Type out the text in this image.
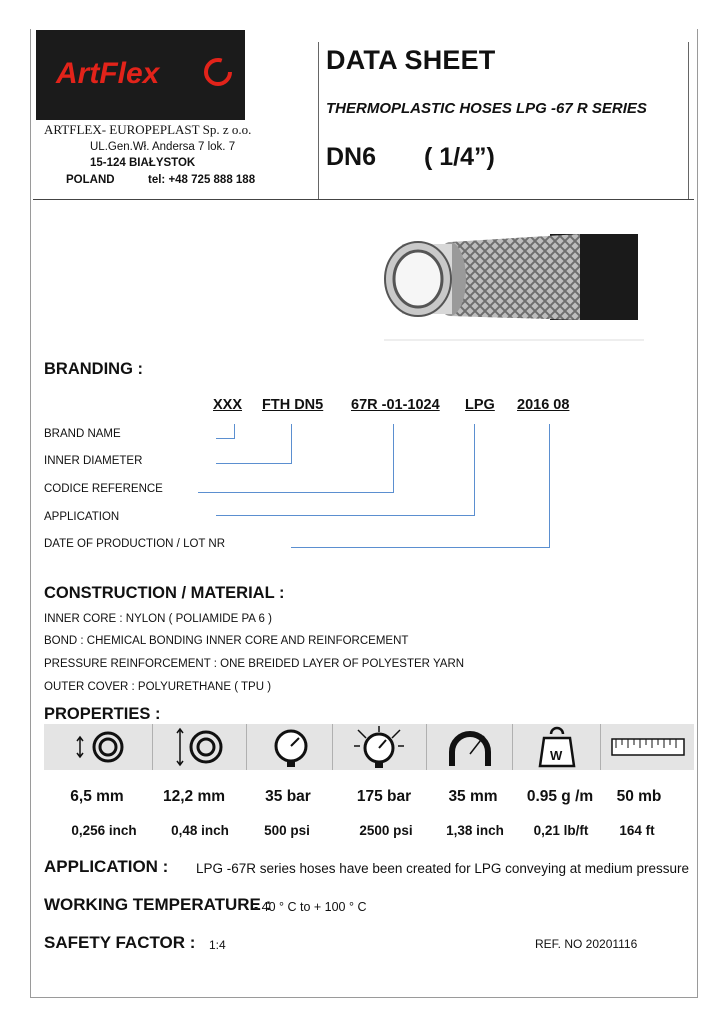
ArtFlex
ARTFLEX- EUROPEPLAST Sp. z o.o.
UL.Gen.Wł. Andersa 7 lok. 7
15-124 BIAŁYSTOK
POLAND	tel: +48 725 888 188
DATA SHEET
THERMOPLASTIC HOSES LPG -67 R SERIES
DN6 ( 1/4”)
BRANDING :
XXX FTH DN5 67R -01-1024 LPG 2016 08
BRAND NAME
INNER DIAMETER
CODICE REFERENCE
APPLICATION
DATE OF PRODUCTION / LOT NR
CONSTRUCTION / MATERIAL :
INNER CORE : NYLON ( POLIAMIDE PA 6 )
BOND : CHEMICAL BONDING INNER CORE AND REINFORCEMENT
PRESSURE REINFORCEMENT : ONE BREIDED LAYER OF POLYESTER YARN
OUTER COVER : POLYURETHANE ( TPU )
PROPERTIES :
W
6,5 mm	12,2 mm	35 bar	175 bar	35 mm	0.95 g /m	50 mb
0,256 inch	0,48 inch	500 psi	2500 psi	1,38 inch	0,21 lb/ft	164 ft
APPLICATION : LPG -67R series hoses have been created for LPG conveying at medium pressure
WORKING TEMPERATURE :
- 40 ° C to + 100 ° C
SAFETY FACTOR : 1:4	REF. NO 20201116
